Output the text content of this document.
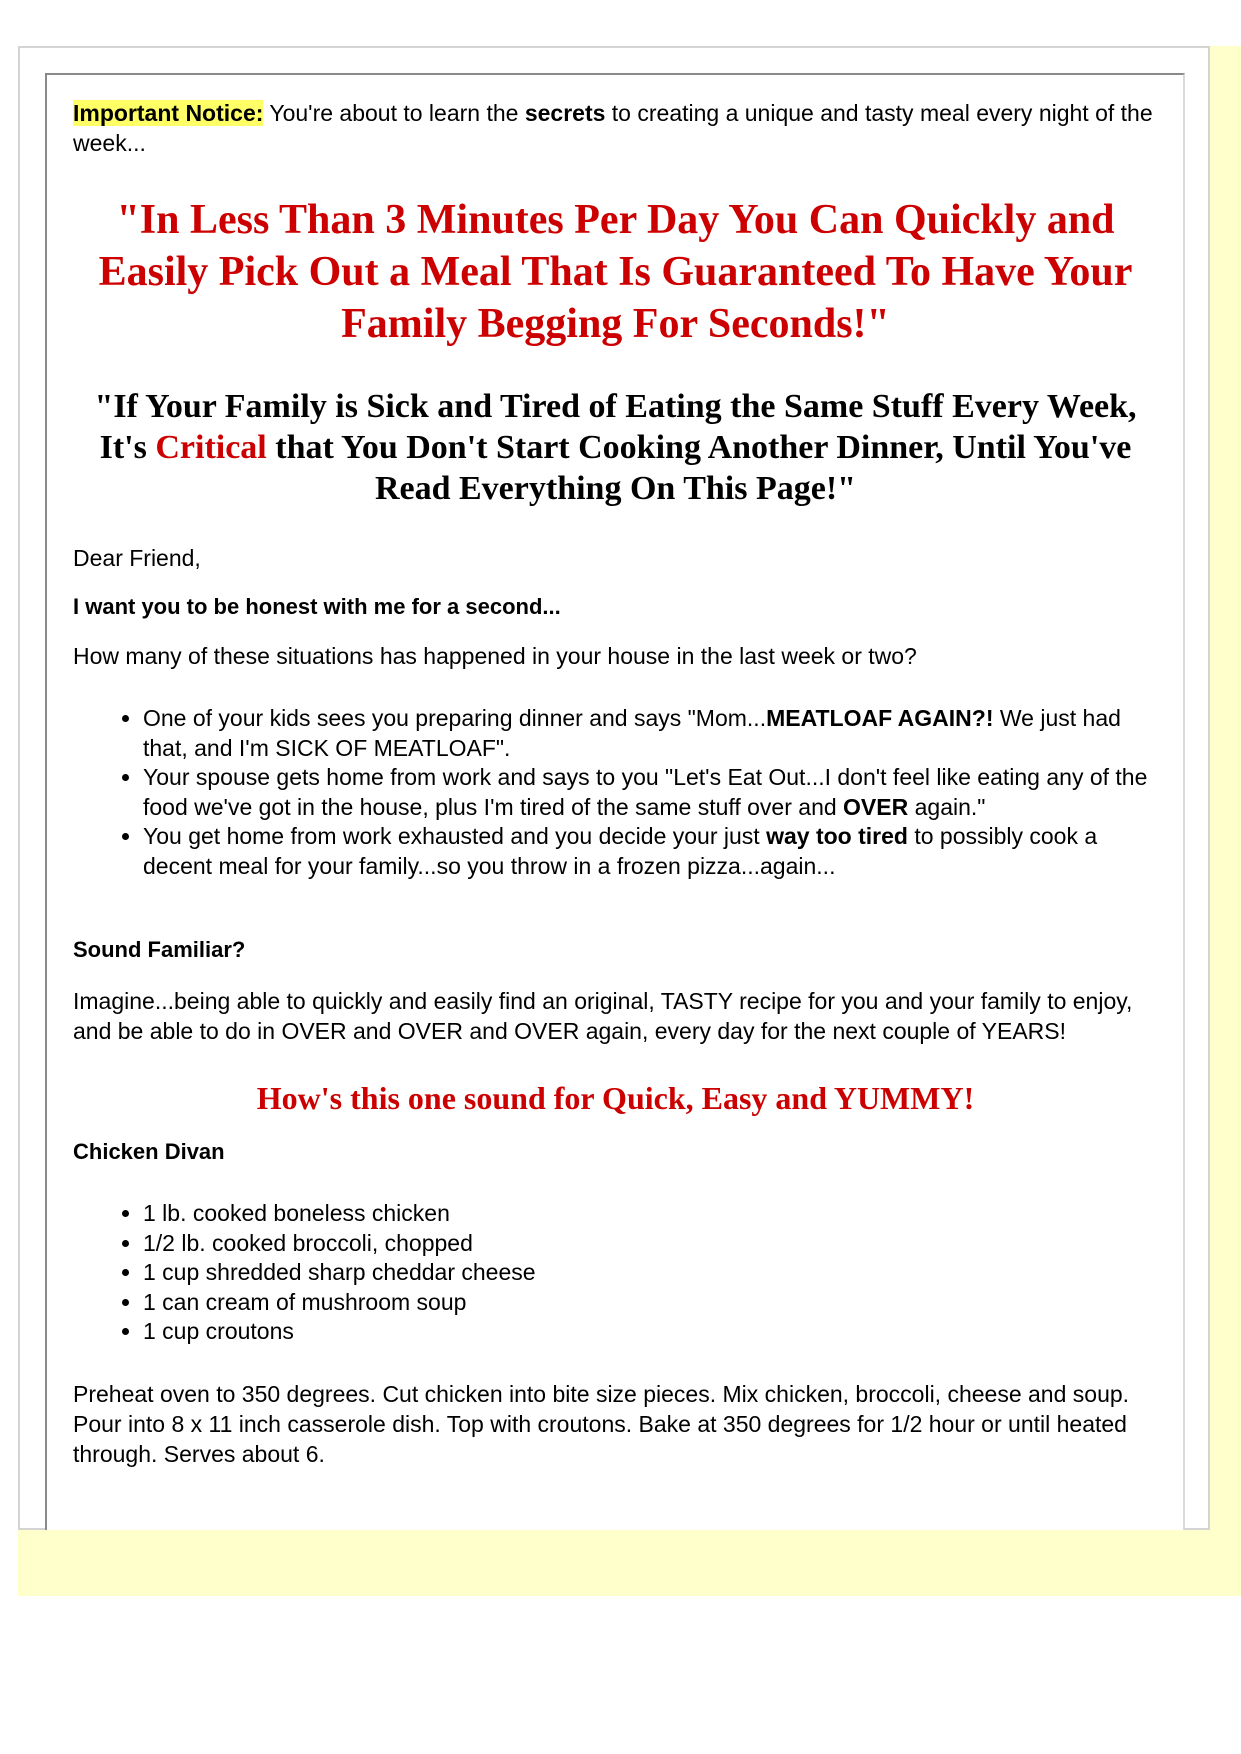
Important Notice: You're about to learn the secrets to creating a unique and tasty meal every night of the week...

"In Less Than 3 Minutes Per Day You Can Quickly and Easily Pick Out a Meal That Is Guaranteed To Have Your Family Begging For Seconds!"

"If Your Family is Sick and Tired of Eating the Same Stuff Every Week, It's Critical that You Don't Start Cooking Another Dinner, Until You've Read Everything On This Page!"

Dear Friend,

I want you to be honest with me for a second...

How many of these situations has happened in your house in the last week or two?

• One of your kids sees you preparing dinner and says "Mom...MEATLOAF AGAIN?! We just had that, and I'm SICK OF MEATLOAF".
• Your spouse gets home from work and says to you "Let's Eat Out...I don't feel like eating any of the food we've got in the house, plus I'm tired of the same stuff over and OVER again."
• You get home from work exhausted and you decide your just way too tired to possibly cook a decent meal for your family...so you throw in a frozen pizza...again...

Sound Familiar?

Imagine...being able to quickly and easily find an original, TASTY recipe for you and your family to enjoy, and be able to do in OVER and OVER and OVER again, every day for the next couple of YEARS!

How's this one sound for Quick, Easy and YUMMY!

Chicken Divan

• 1 lb. cooked boneless chicken
• 1/2 lb. cooked broccoli, chopped
• 1 cup shredded sharp cheddar cheese
• 1 can cream of mushroom soup
• 1 cup croutons

Preheat oven to 350 degrees. Cut chicken into bite size pieces. Mix chicken, broccoli, cheese and soup. Pour into 8 x 11 inch casserole dish. Top with croutons. Bake at 350 degrees for 1/2 hour or until heated through. Serves about 6.
